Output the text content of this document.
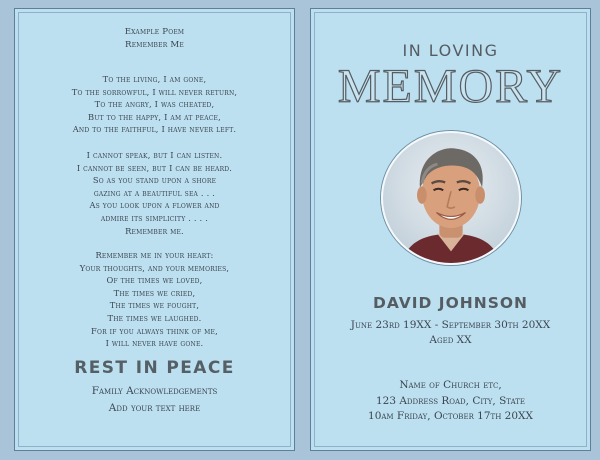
Example Poem
Remember Me
To the living, I am gone,
To the sorrowful, I will never return,
To the angry, I was cheated,
But to the happy, I am at peace,
And to the faithful, I have never left.
I cannot speak, but I can listen.
I cannot be seen, but I can be heard.
So as you stand upon a shore
gazing at a beautiful sea . . .
As you look upon a flower and
admire its simplicity . . . .
Remember me.
Remember me in your heart:
Your thoughts, and your memories,
Of the times we loved,
The times we cried,
The times we fought,
The times we laughed.
For if you always think of me,
I will never have gone.
REST IN PEACE
Family Acknowledgements
Add your text here
IN LOVING
MEMORY
DAVID JOHNSON
June 23rd 19XX - September 30th 20XX
Aged XX
Name of Church etc,
123 Address Road, City, State
10am Friday, October 17th 20XX
